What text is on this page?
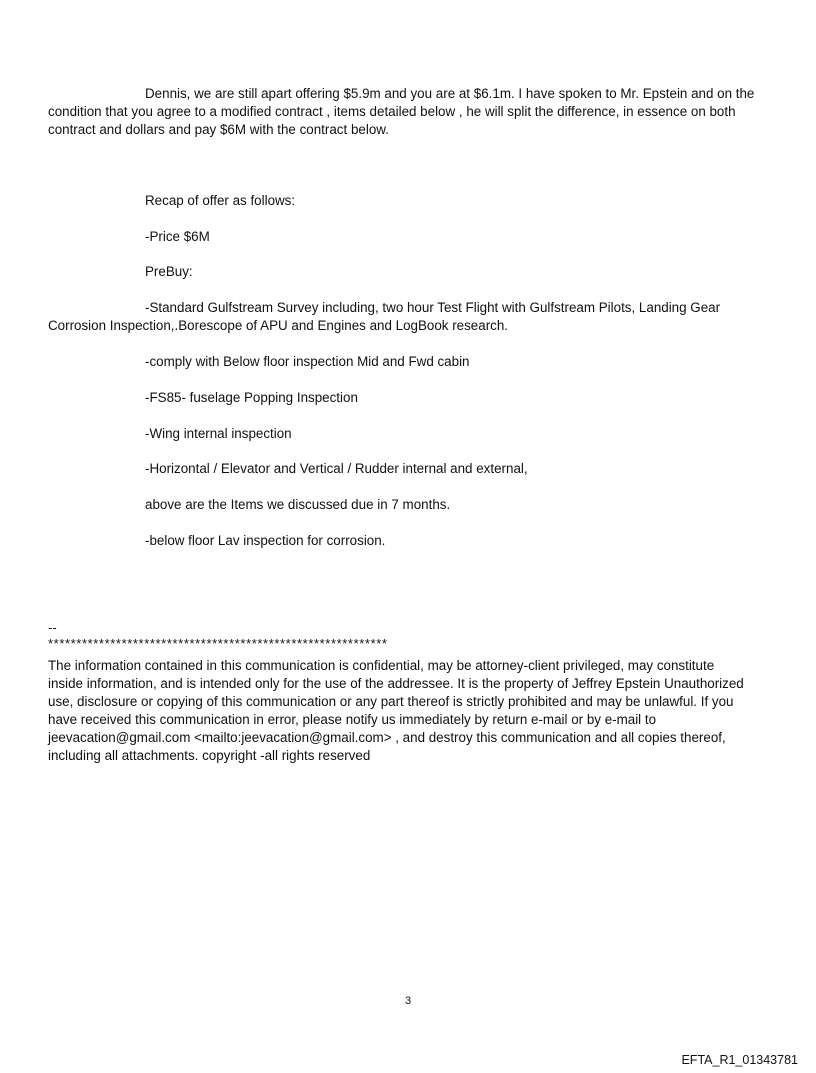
Dennis, we are still apart offering $5.9m and you are at $6.1m. I have spoken to Mr. Epstein and on the

condition that you agree to a modified contract , items detailed below , he will split the difference, in essence on both

contract and dollars and pay $6M with the contract below.

Recap of offer as follows:

-Price $6M

PreBuy:

-Standard Gulfstream Survey including, two hour Test Flight with Gulfstream Pilots, Landing Gear

Corrosion Inspection,.Borescope of APU and Engines and LogBook research.

-comply with Below floor inspection Mid and Fwd cabin

-FS85- fuselage Popping Inspection

-Wing internal inspection

-Horizontal / Elevator and Vertical / Rudder internal and external,

above are the Items we discussed due in 7 months.

-below floor Lav inspection for corrosion.

--
************************************************************

The information contained in this communication is confidential, may be attorney-client privileged, may constitute

inside information, and is intended only for the use of the addressee. It is the property of Jeffrey Epstein Unauthorized

use, disclosure or copying of this communication or any part thereof is strictly prohibited and may be unlawful. If you

have received this communication in error, please notify us immediately by return e-mail or by e-mail to

jeevacation@gmail.com <mailto:jeevacation@gmail.com> , and destroy this communication and all copies thereof,

including all attachments. copyright -all rights reserved

3
EFTA_R1_01343781
